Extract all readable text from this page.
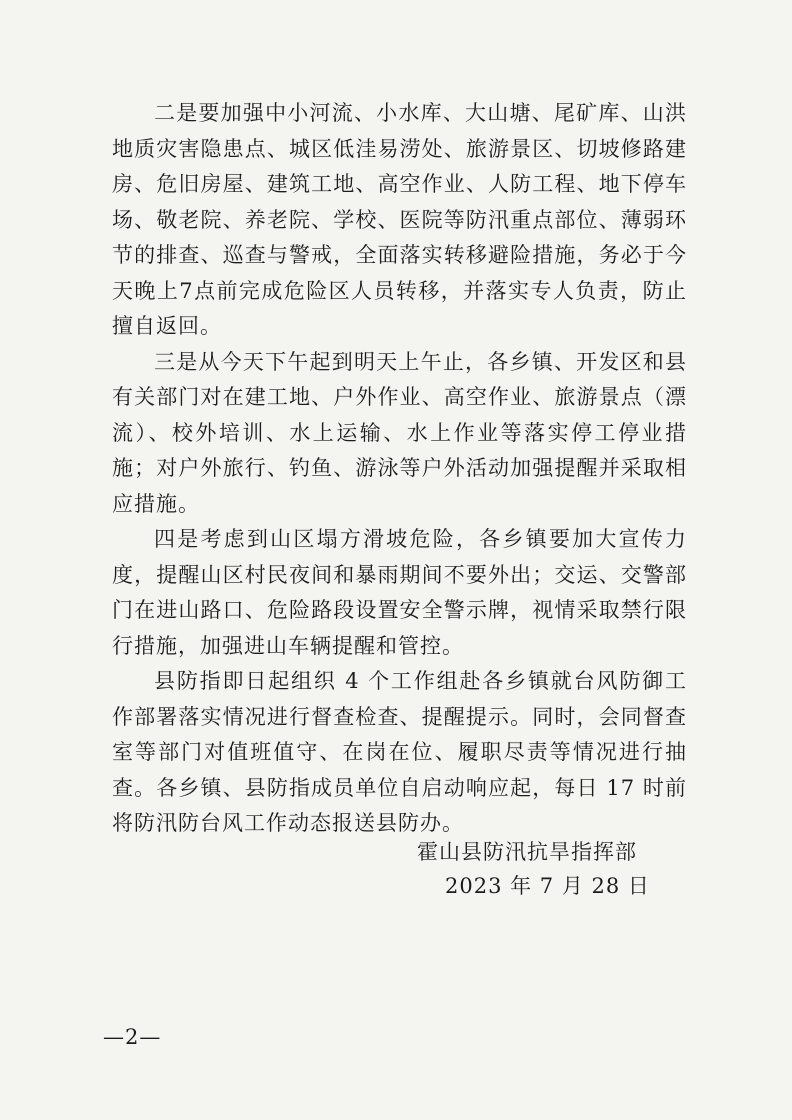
二是要加强中小河流、小水库、大山塘、尾矿库、山洪地质灾害隐患点、城区低洼易涝处、旅游景区、切坡修路建房、危旧房屋、建筑工地、高空作业、人防工程、地下停车场、敬老院、养老院、学校、医院等防汛重点部位、薄弱环节的排查、巡查与警戒，全面落实转移避险措施，务必于今天晚上7点前完成危险区人员转移，并落实专人负责，防止擅自返回。

三是从今天下午起到明天上午止，各乡镇、开发区和县有关部门对在建工地、户外作业、高空作业、旅游景点（漂流）、校外培训、水上运输、水上作业等落实停工停业措施；对户外旅行、钓鱼、游泳等户外活动加强提醒并采取相应措施。

四是考虑到山区塌方滑坡危险，各乡镇要加大宣传力度，提醒山区村民夜间和暴雨期间不要外出；交运、交警部门在进山路口、危险路段设置安全警示牌，视情采取禁行限行措施，加强进山车辆提醒和管控。

县防指即日起组织 4 个工作组赴各乡镇就台风防御工作部署落实情况进行督查检查、提醒提示。同时，会同督查室等部门对值班值守、在岗在位、履职尽责等情况进行抽查。各乡镇、县防指成员单位自启动响应起，每日 17 时前将防汛防台风工作动态报送县防办。

霍山县防汛抗旱指挥部
2023 年 7 月 28 日
—2—
